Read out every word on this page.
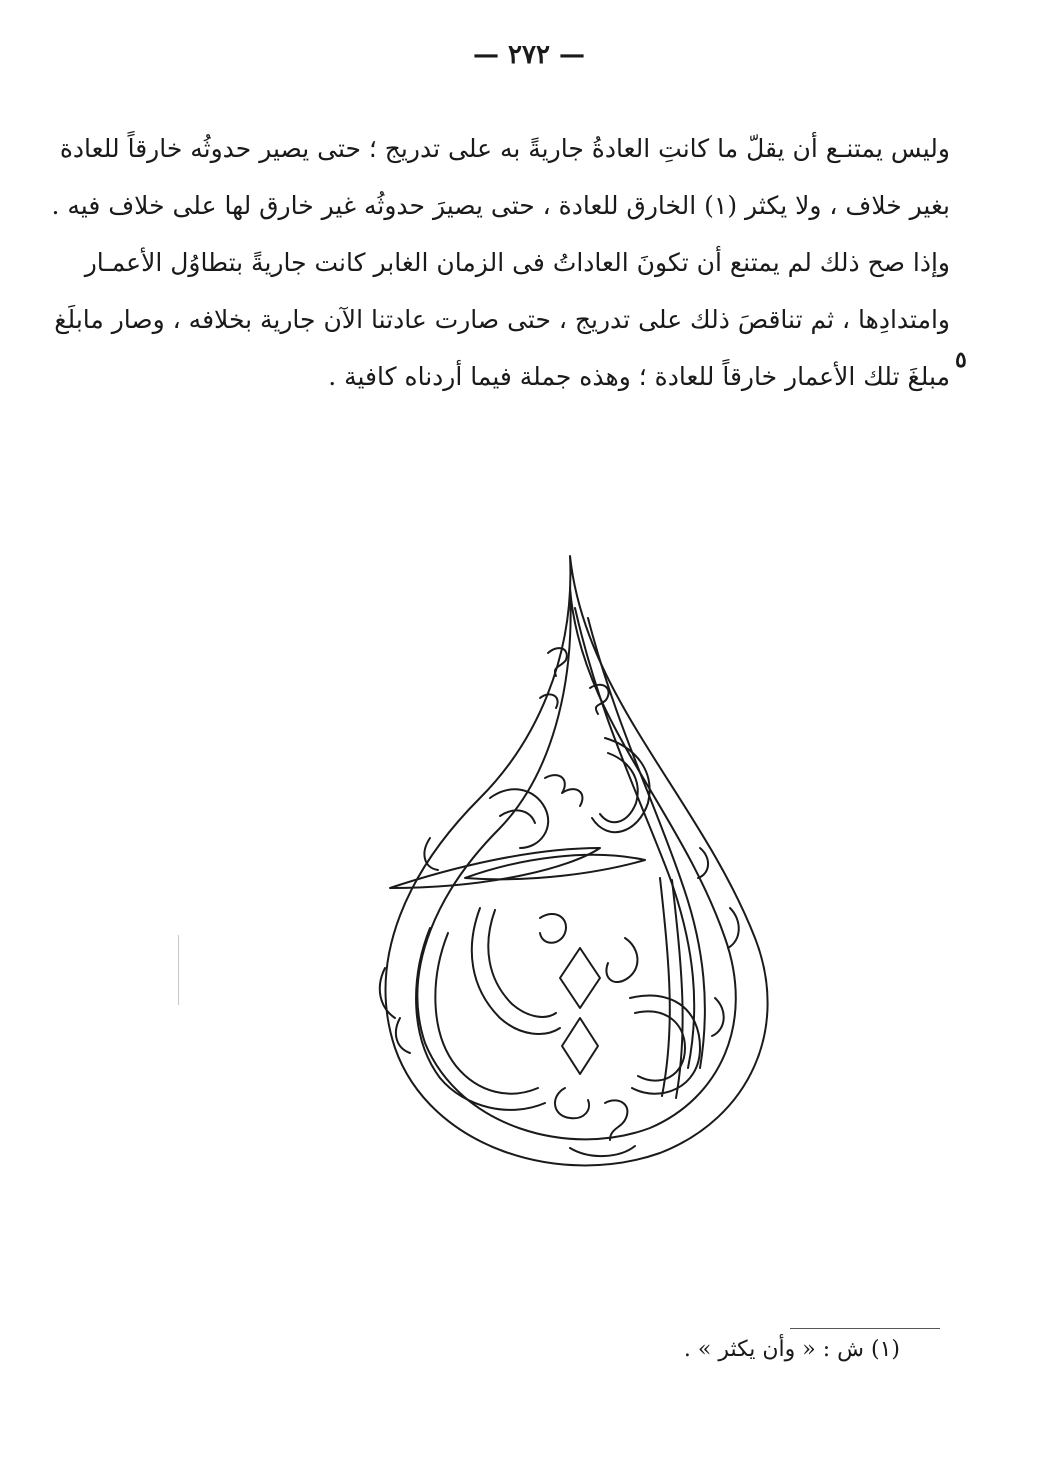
— ٢٧٢ —
وليس يمتنـع أن يقلّ ما كانتِ العادةُ جاريةً به على تدريج ؛ حتى يصير حدوثُه خارقاً للعادة
بغير خلاف ، ولا يكثر (١) الخارق للعادة ، حتى يصيرَ حدوثُه غير خارق لها على خلاف فيه .
وإذا صح ذلك لم يمتنع أن تكونَ العاداتُ فى الزمان الغابر كانت جاريةً بتطاوُل الأعمـار
وامتدادِها ، ثم تناقصَ ذلك على تدريج ، حتى صارت عادتنا الآن جارية بخلافه ، وصار مابلَغ
مبلغَ تلك الأعمار خارقاً للعادة ؛ وهذه جملة فيما أردناه كافية .
٥
(١) ش : « وأن يكثر » .
